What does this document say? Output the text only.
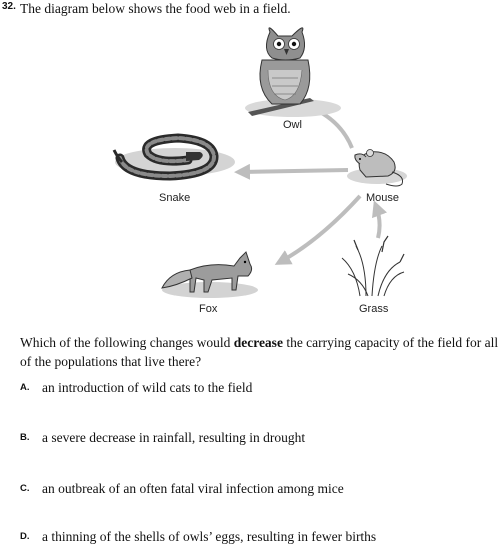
32. The diagram below shows the food web in a field.
Owl
Snake	Mouse
Fox	Grass
Which of the following changes would decrease the carrying capacity of the field for all of the populations that live there?
A. an introduction of wild cats to the field
B. a severe decrease in rainfall, resulting in drought
C. an outbreak of an often fatal viral infection among mice
D. a thinning of the shells of owls’ eggs, resulting in fewer births
